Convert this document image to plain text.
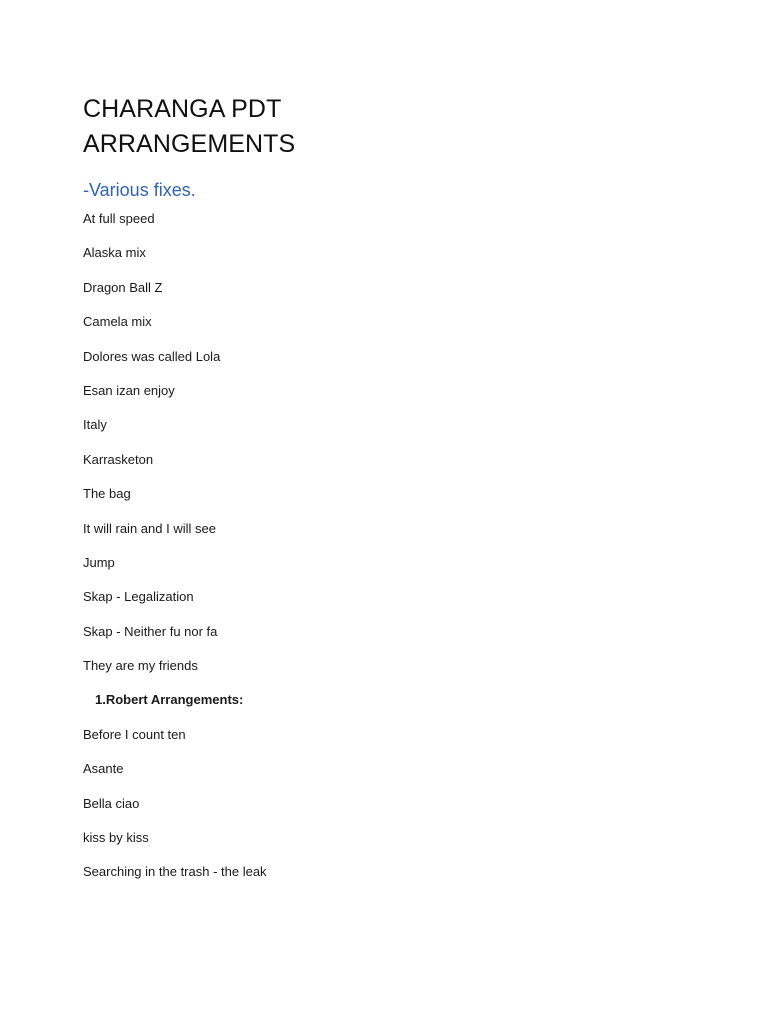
CHARANGA PDT
ARRANGEMENTS
-Various fixes.
At full speed
Alaska mix
Dragon Ball Z
Camela mix
Dolores was called Lola
Esan izan enjoy
Italy
Karrasketon
The bag
It will rain and I will see
Jump
Skap - Legalization
Skap - Neither fu nor fa
They are my friends
1.Robert Arrangements:
Before I count ten
Asante
Bella ciao
kiss by kiss
Searching in the trash - the leak
